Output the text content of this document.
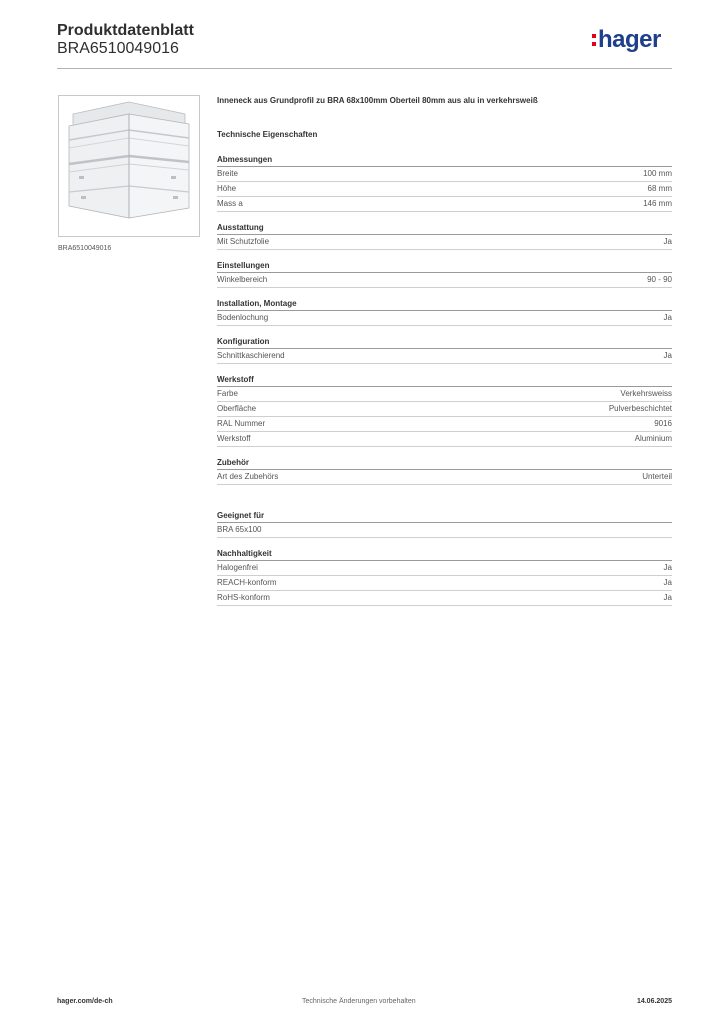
Produktdatenblatt
BRA6510049016	hager
BRA6510049016
Inneneck aus Grundprofil zu BRA 68x100mm Oberteil 80mm aus alu in verkehrsweiß
Technische Eigenschaften
Abmessungen
Breite	100 mm
Höhe	68 mm
Mass a	146 mm
Ausstattung
Mit Schutzfolie	Ja
Einstellungen
Winkelbereich	90 - 90
Installation, Montage
Bodenlochung	Ja
Konfiguration
Schnittkaschierend	Ja
Werkstoff
Farbe	Verkehrsweiss
Oberfläche	Pulverbeschichtet
RAL Nummer	9016
Werkstoff	Aluminium
Zubehör
Art des Zubehörs	Unterteil
Geeignet für
BRA 65x100
Nachhaltigkeit
Halogenfrei	Ja
REACH-konform	Ja
RoHS-konform	Ja
hager.com/de-ch	Technische Änderungen vorbehalten	14.06.2025
